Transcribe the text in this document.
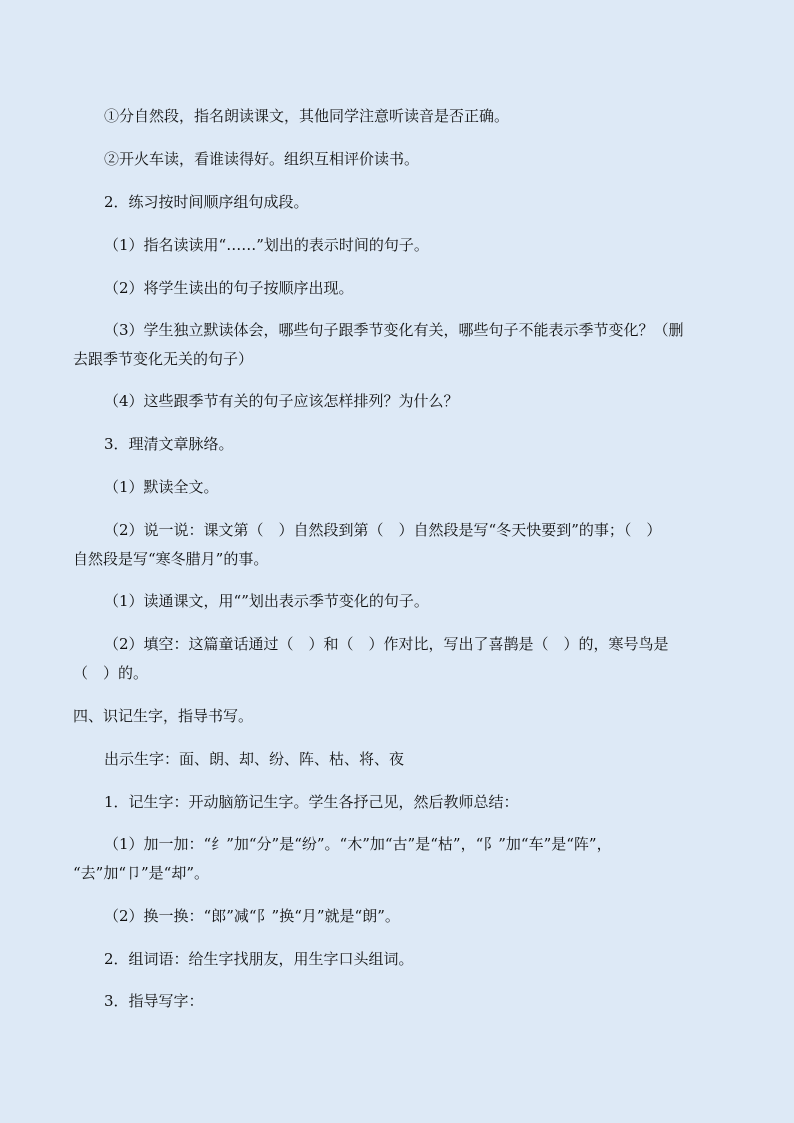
①分自然段，指名朗读课文，其他同学注意听读音是否正确。
②开火车读，看谁读得好。组织互相评价读书。
2．练习按时间顺序组句成段。
（1）指名读读用“……”划出的表示时间的句子。
（2）将学生读出的句子按顺序出现。
（3）学生独立默读体会，哪些句子跟季节变化有关，哪些句子不能表示季节变化？（删
去跟季节变化无关的句子）
（4）这些跟季节有关的句子应该怎样排列？为什么？
3．理清文章脉络。
（1）默读全文。
（2）说一说：课文第（　）自然段到第（　）自然段是写“冬天快要到”的事；（　）
自然段是写“寒冬腊月”的事。
（1）读通课文，用“”划出表示季节变化的句子。
（2）填空：这篇童话通过（　）和（　）作对比，写出了喜鹊是（　）的，寒号鸟是
（　）的。
四、识记生字，指导书写。
出示生字：面、朗、却、纷、阵、枯、将、夜
1．记生字：开动脑筋记生字。学生各抒己见，然后教师总结：
（1）加一加：“纟”加“分”是“纷”。“木”加“古”是“枯”，“阝”加“车”是“阵”，
“去”加“卩”是“却”。
（2）换一换：“郎”减“阝”换“月”就是“朗”。
2．组词语：给生字找朋友，用生字口头组词。
3．指导写字：
